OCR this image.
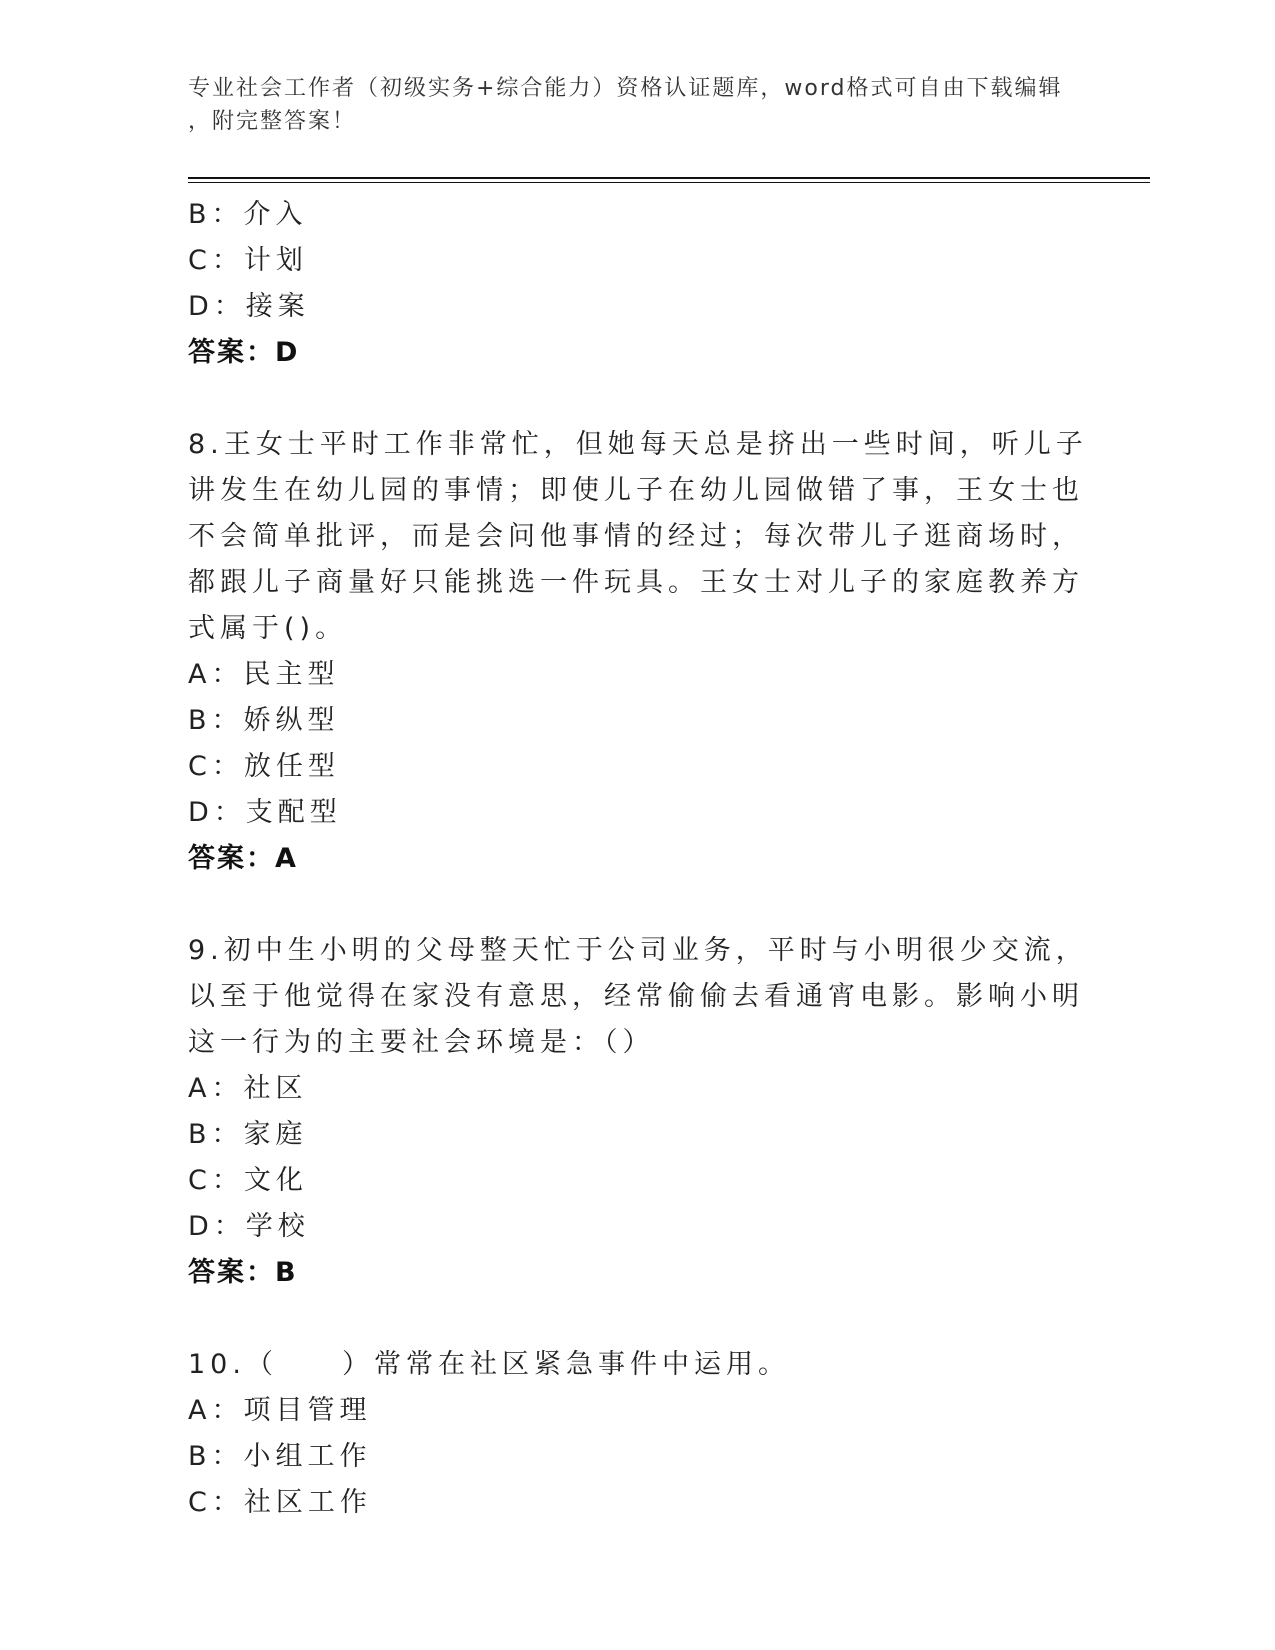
专业社会工作者（初级实务+综合能力）资格认证题库，word格式可自由下载编辑
，附完整答案！
B：介入
C：计划
D：接案
答案：D
8.王女士平时工作非常忙，但她每天总是挤出一些时间，听儿子讲发生在幼儿园的事情；即使儿子在幼儿园做错了事，王女士也不会简单批评，而是会问他事情的经过；每次带儿子逛商场时，都跟儿子商量好只能挑选一件玩具。王女士对儿子的家庭教养方式属于()。
A：民主型
B：娇纵型
C：放任型
D：支配型
答案：A
9.初中生小明的父母整天忙于公司业务，平时与小明很少交流，以至于他觉得在家没有意思，经常偷偷去看通宵电影。影响小明这一行为的主要社会环境是：（）
A：社区
B：家庭
C：文化
D：学校
答案：B
10.（　　）常常在社区紧急事件中运用。
A：项目管理
B：小组工作
C：社区工作
